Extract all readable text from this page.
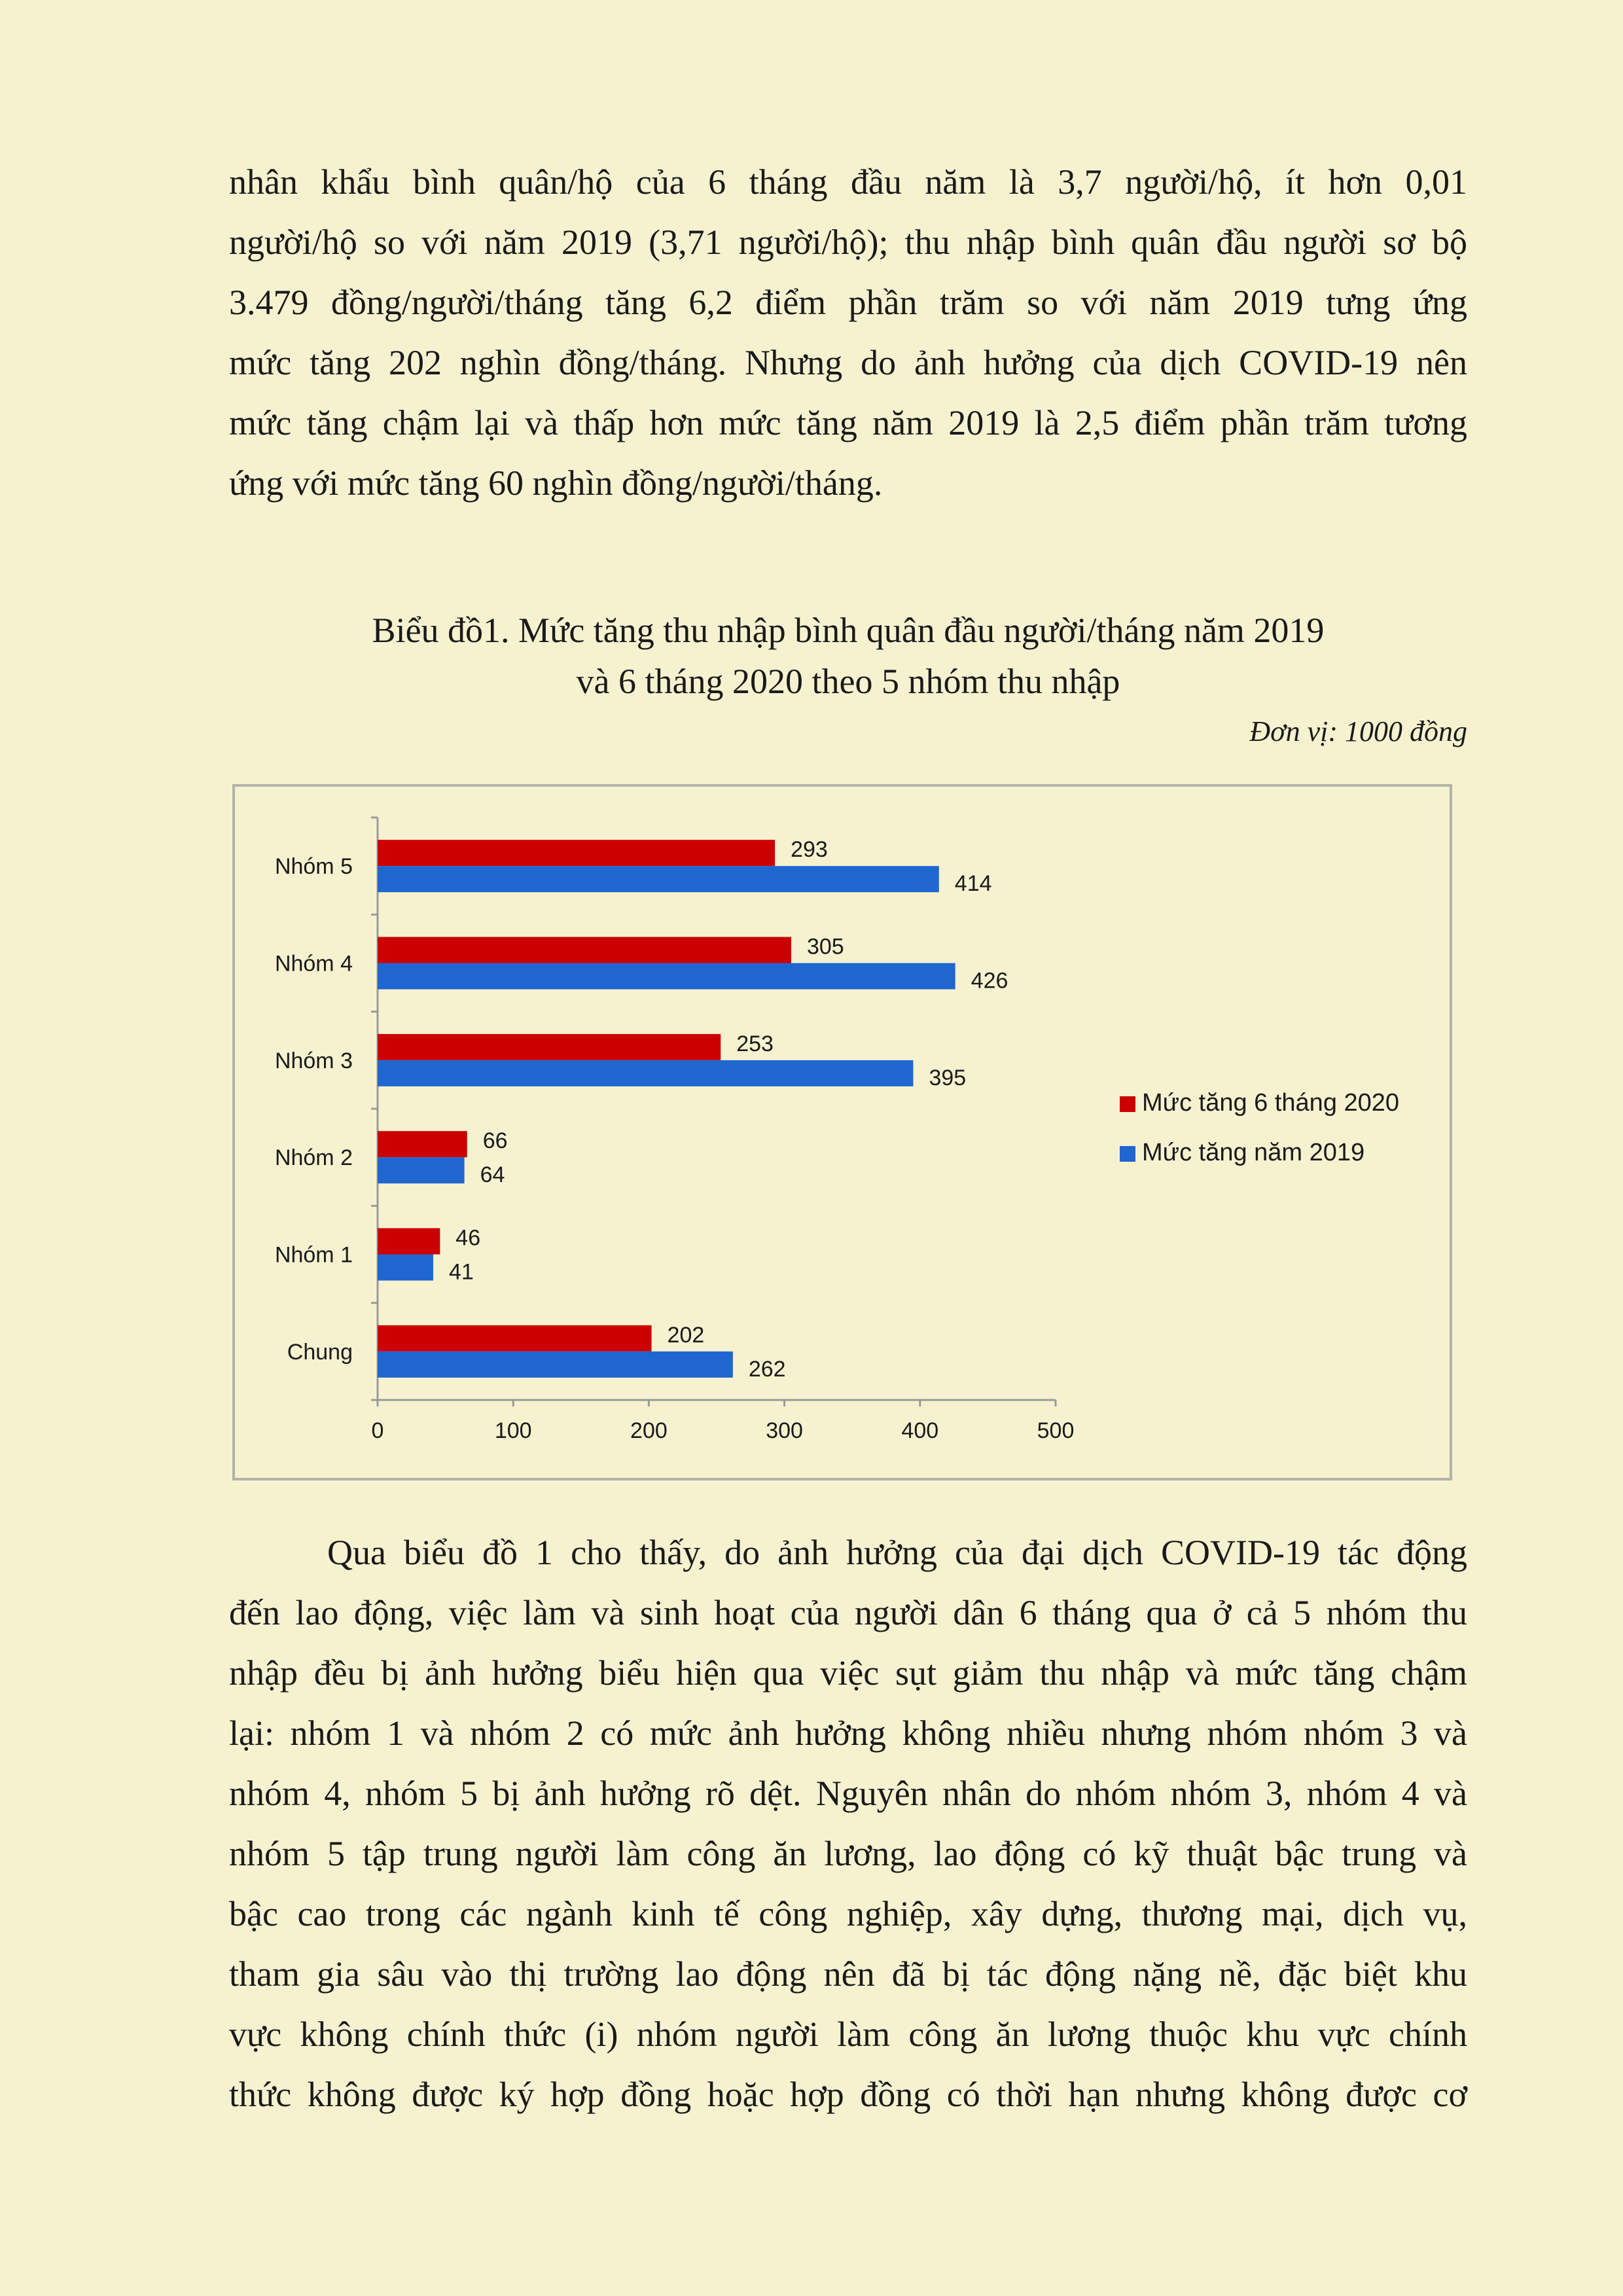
nhân khẩu bình quân/hộ của 6 tháng đầu năm là 3,7 người/hộ, ít hơn 0,01
người/hộ so với năm 2019 (3,71 người/hộ); thu nhập bình quân đầu người sơ bộ
3.479 đồng/người/tháng tăng 6,2 điểm phần trăm so với năm 2019 tưng ứng
mức tăng 202 nghìn đồng/tháng. Nhưng do ảnh hưởng của dịch COVID-19 nên
mức tăng chậm lại và thấp hơn mức tăng năm 2019 là 2,5 điểm phần trăm tương
ứng với mức tăng 60 nghìn đồng/người/tháng.
Biểu đồ1. Mức tăng thu nhập bình quân đầu người/tháng năm 2019
và 6 tháng 2020 theo 5 nhóm thu nhập
Đơn vị: 1000 đồng
0	100	200	300	400	500
Nhóm 5
293
414
Nhóm 4
305
426
Nhóm 3
253
395
Nhóm 2
66
64
Nhóm 1
46
41
Chung
202
262
Mức tăng 6 tháng 2020
Mức tăng năm 2019
Qua biểu đồ 1 cho thấy, do ảnh hưởng của đại dịch COVID-19 tác động
đến lao động, việc làm và sinh hoạt của người dân 6 tháng qua ở cả 5 nhóm thu
nhập đều bị ảnh hưởng biểu hiện qua việc sụt giảm thu nhập và mức tăng chậm
lại: nhóm 1 và nhóm 2 có mức ảnh hưởng không nhiều nhưng nhóm nhóm 3 và
nhóm 4, nhóm 5 bị ảnh hưởng rõ dệt. Nguyên nhân do nhóm nhóm 3, nhóm 4 và
nhóm 5 tập trung người làm công ăn lương, lao động có kỹ thuật bậc trung và
bậc cao trong các ngành kinh tế công nghiệp, xây dựng, thương mại, dịch vụ,
tham gia sâu vào thị trường lao động nên đã bị tác động nặng nề, đặc biệt khu
vực không chính thức (i) nhóm người làm công ăn lương thuộc khu vực chính
thức không được ký hợp đồng hoặc hợp đồng có thời hạn nhưng không được cơ
